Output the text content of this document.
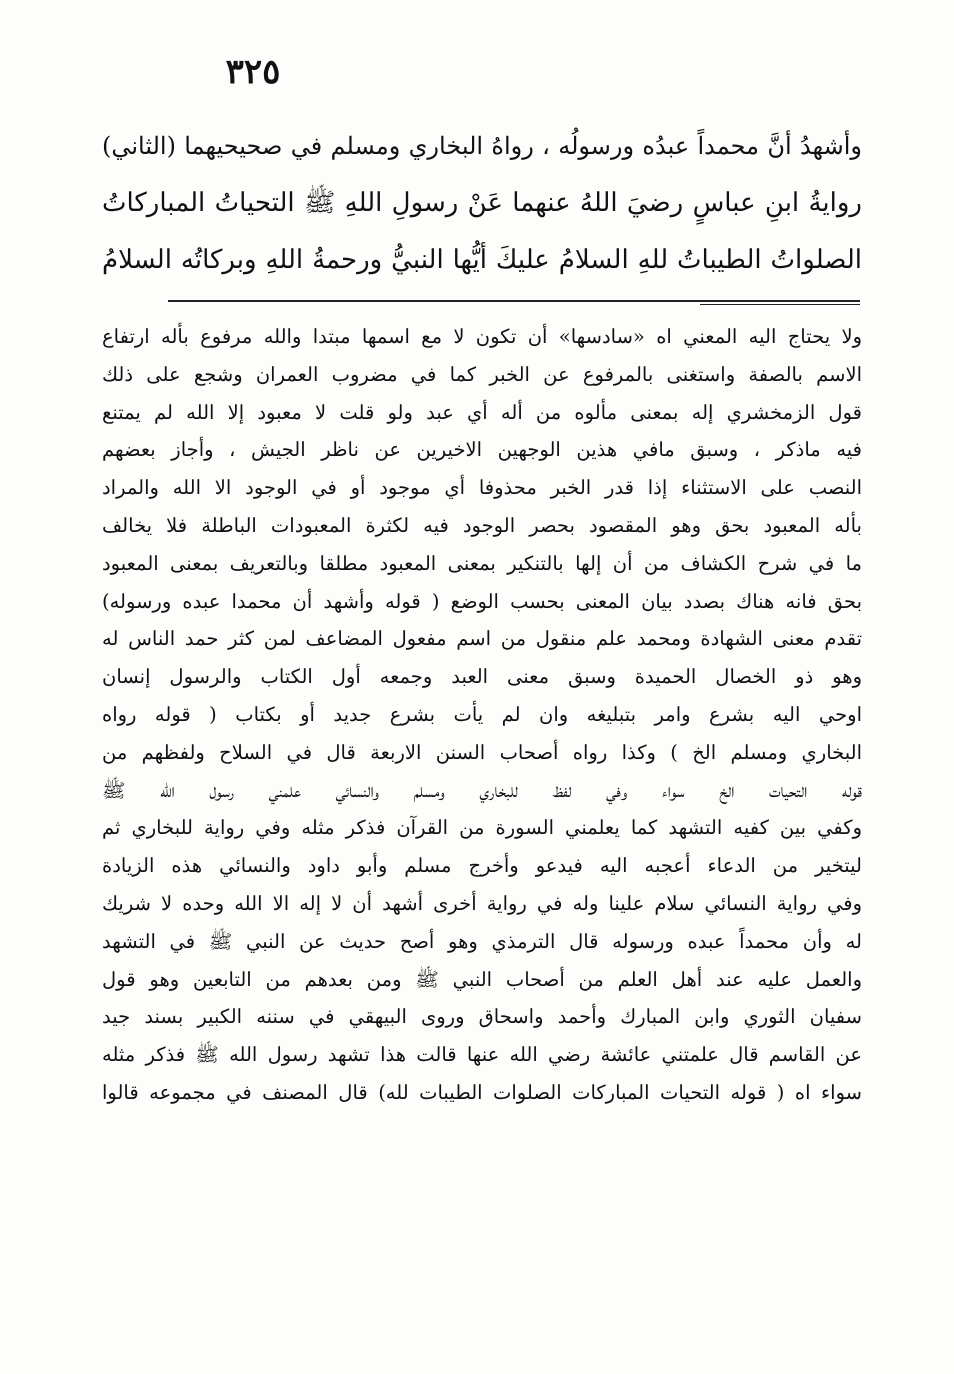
٣٢٥
وأشهدُ أنَّ محمداً عبدُه ورسولُه ، رواهُ البخاري ومسلم في صحيحيهما (الثاني)
روايةُ ابنِ عباسٍ رضيَ اللهُ عنهما عَنْ رسولِ اللهِ ﷺ التحياتُ المباركاتُ
الصلواتُ الطيباتُ للهِ السلامُ عليكَ أيُّها النبيُّ ورحمةُ اللهِ وبركاتُه السلامُ
ولا يحتاج اليه المعني اه «سادسها» أن تكون لا مع اسمها مبتدا والله مرفوع بأله ارتفاع
الاسم بالصفة واستغنى بالمرفوع عن الخبر كما في مضروب العمران وشجع على ذلك
قول الزمخشري إله بمعنى مألوه من أله أي عبد ولو قلت لا معبود إلا الله لم يمتنع
فيه ماذكر ، وسبق مافي هذين الوجهين الاخيرين عن ناظر الجيش ، وأجاز بعضهم
النصب على الاستثناء إذا قدر الخبر محذوفا أي موجود أو في الوجود الا الله والمراد
بأله المعبود بحق وهو المقصود بحصر الوجود فيه لكثرة المعبودات الباطلة فلا يخالف
ما في شرح الكشاف من أن إلها بالتنكير بمعنى المعبود مطلقا وبالتعريف بمعنى المعبود
بحق فانه هناك بصدد بيان المعنى بحسب الوضع ( قوله وأشهد أن محمدا عبده ورسوله)
تقدم معنى الشهادة ومحمد علم منقول من اسم مفعول المضاعف لمن كثر حمد الناس له
وهو ذو الخصال الحميدة وسبق معنى العبد وجمعه أول الكتاب والرسول إنسان
اوحي اليه بشرع وامر بتبليغه وان لم يأت بشرع جديد أو بكتاب ( قوله رواه
البخاري ومسلم الخ ) وكذا رواه أصحاب السنن الاربعة قال في السلاح ولفظهم من
قوله التحيات الخ سواء وفي لفظ للبخاري ومسلم والنسائي علمني رسول الله ﷺ
وكفي بين كفيه التشهد كما يعلمني السورة من القرآن فذكر مثله وفي رواية للبخاري ثم
ليتخير من الدعاء أعجبه اليه فيدعو وأخرج مسلم وأبو داود والنسائي هذه الزيادة
وفي رواية النسائي سلام علينا وله في رواية أخرى أشهد أن لا إله الا الله وحده لا شريك
له وأن محمداً عبده ورسوله قال الترمذي وهو أصح حديث عن النبي ﷺ في التشهد
والعمل عليه عند أهل العلم من أصحاب النبي ﷺ ومن بعدهم من التابعين وهو قول
سفيان الثوري وابن المبارك وأحمد واسحاق وروى البيهقي في سننه الكبير بسند جيد
عن القاسم قال علمتني عائشة رضي الله عنها قالت هذا تشهد رسول الله ﷺ فذكر مثله
سواء اه ( قوله التحيات المباركات الصلوات الطيبات لله) قال المصنف في مجموعه قالوا
